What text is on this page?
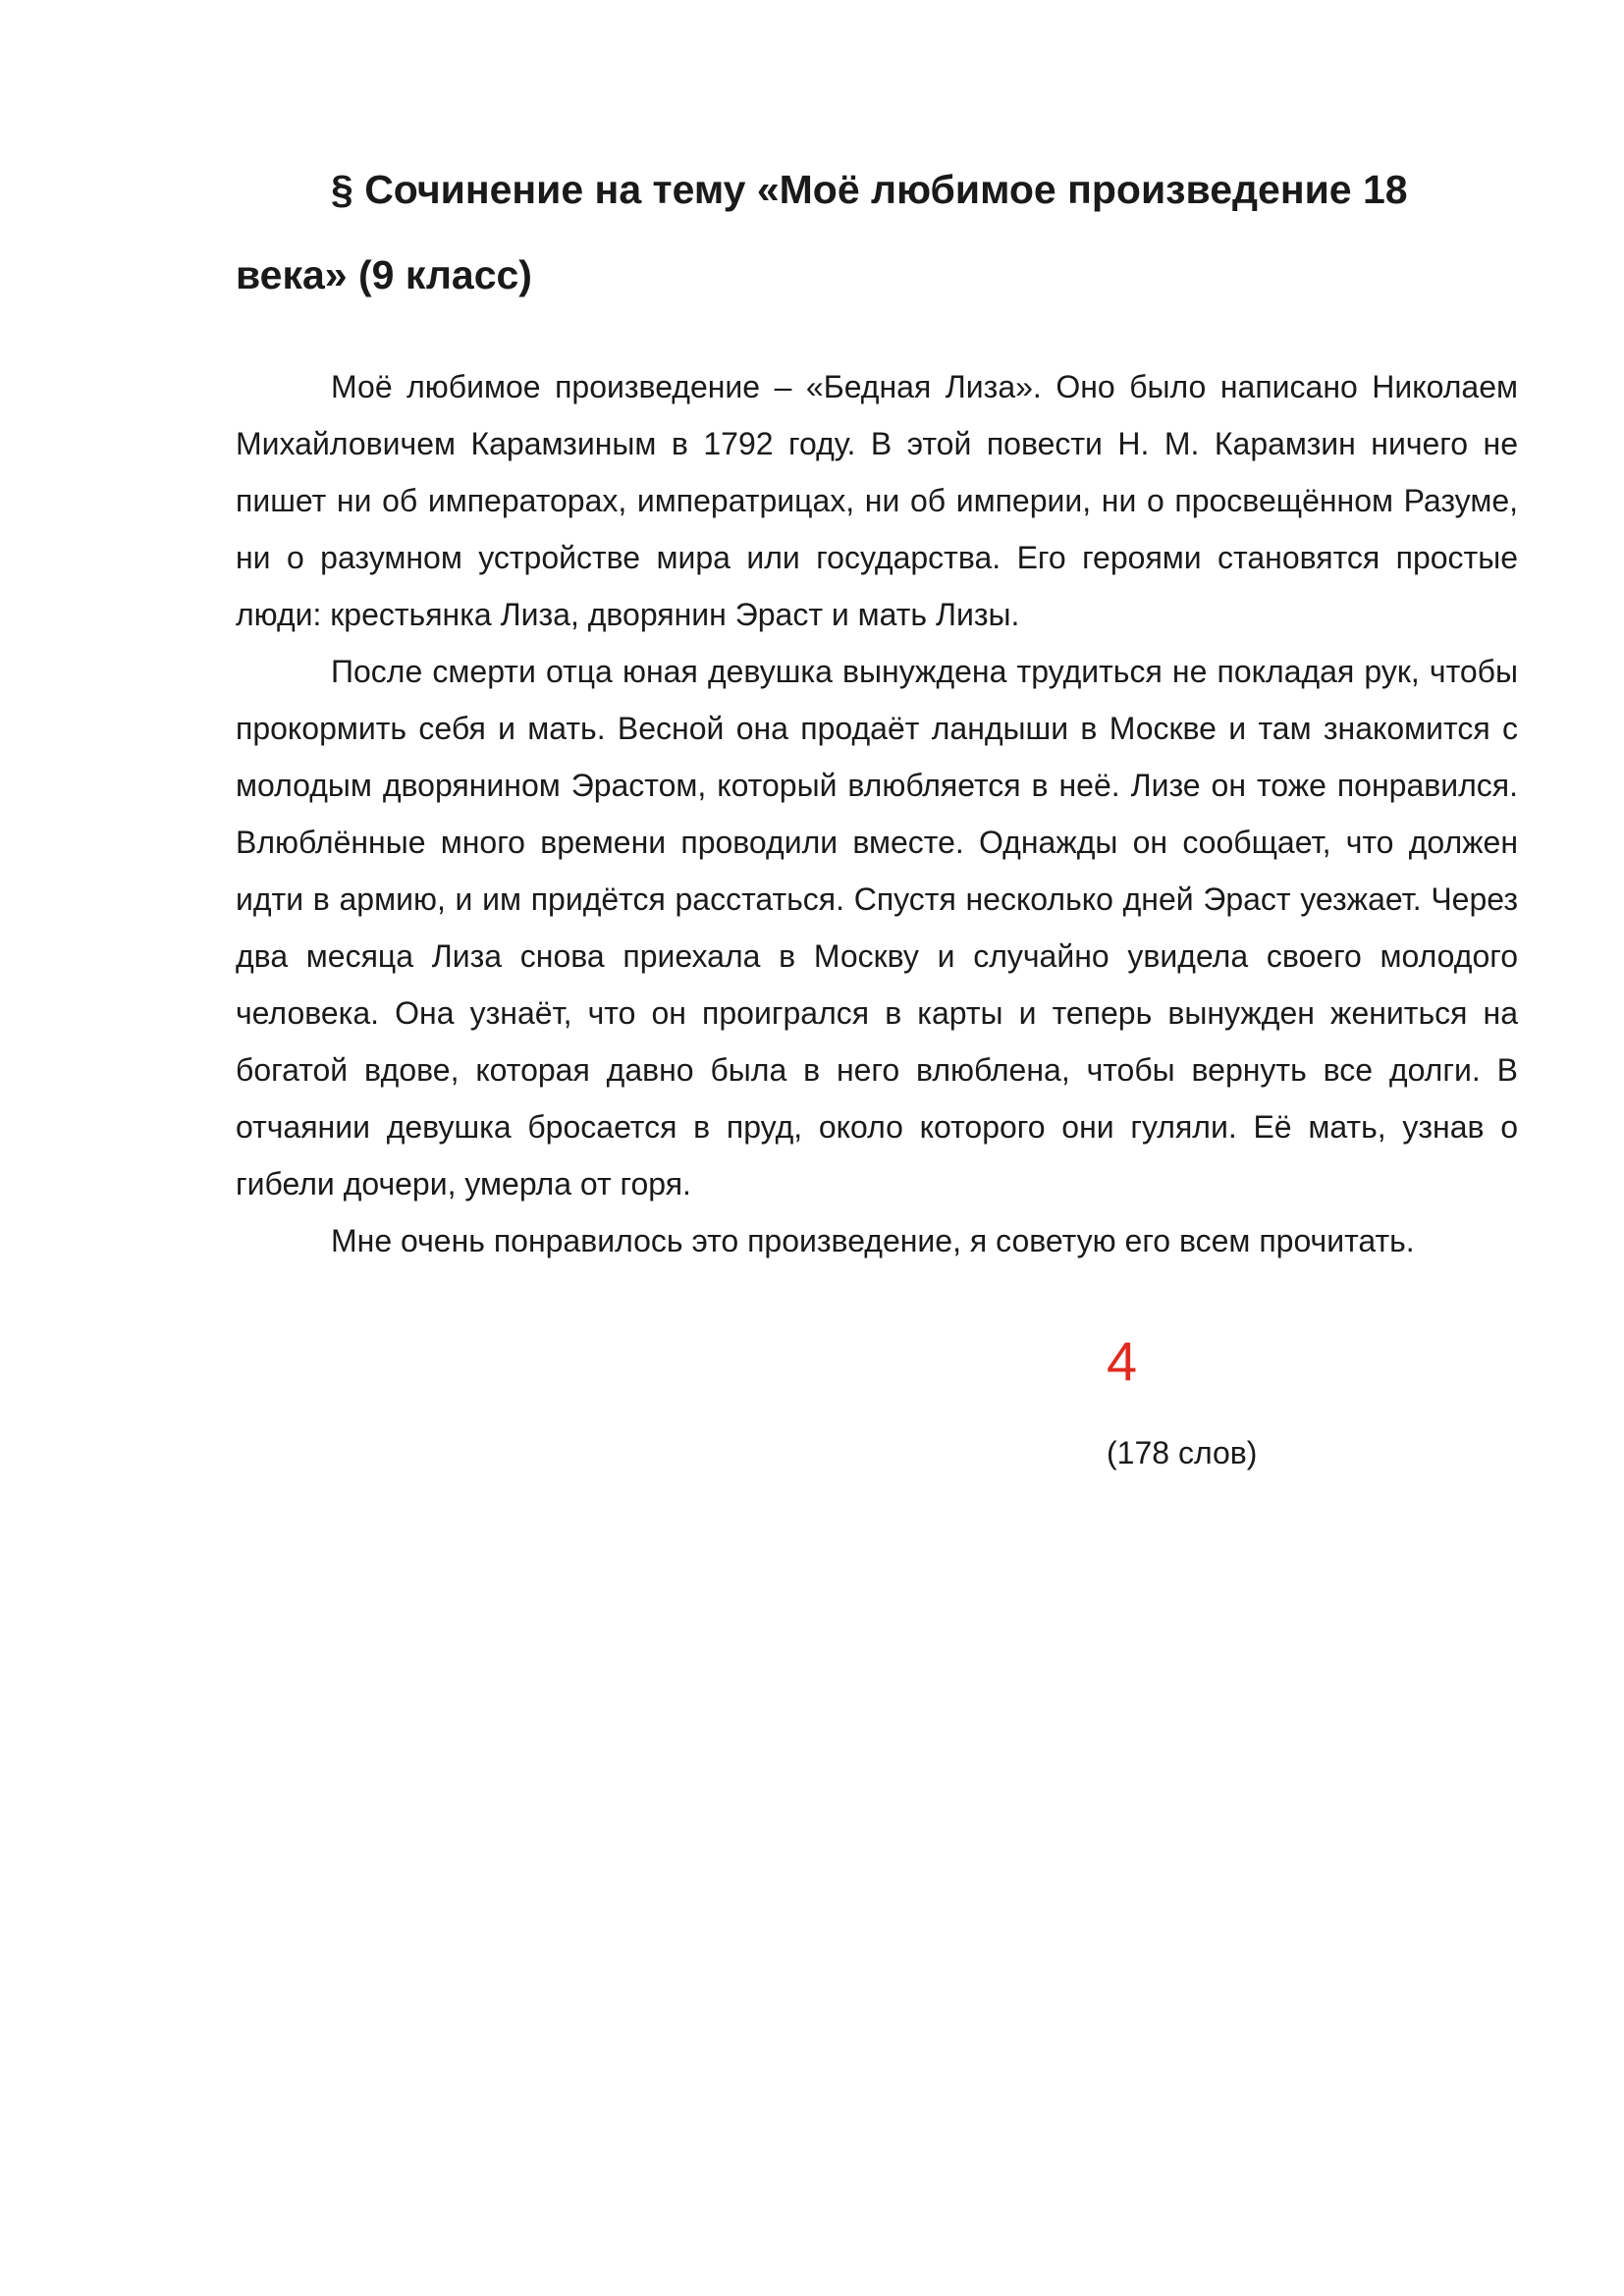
§ Сочинение на тему «Моё любимое произведение 18 века» (9 класс)

Моё любимое произведение – «Бедная Лиза». Оно было написано Николаем Михайловичем Карамзиным в 1792 году. В этой повести Н. М. Карамзин ничего не пишет ни об императорах, императрицах, ни об империи, ни о просвещённом Разуме, ни о разумном устройстве мира или государства. Его героями становятся простые люди: крестьянка Лиза, дворянин Эраст и мать Лизы.

После смерти отца юная девушка вынуждена трудиться не покладая рук, чтобы прокормить себя и мать. Весной она продаёт ландыши в Москве и там знакомится с молодым дворянином Эрастом, который влюбляется в неё. Лизе он тоже понравился. Влюблённые много времени проводили вместе. Однажды он сообщает, что должен идти в армию, и им придётся расстаться. Спустя несколько дней Эраст уезжает. Через два месяца Лиза снова приехала в Москву и случайно увидела своего молодого человека. Она узнаёт, что он проигрался в карты и теперь вынужден жениться на богатой вдове, которая давно была в него влюблена, чтобы вернуть все долги. В отчаянии девушка бросается в пруд, около которого они гуляли. Её мать, узнав о гибели дочери, умерла от горя.

Мне очень понравилось это произведение, я советую его всем прочитать.

4
(178 слов)
